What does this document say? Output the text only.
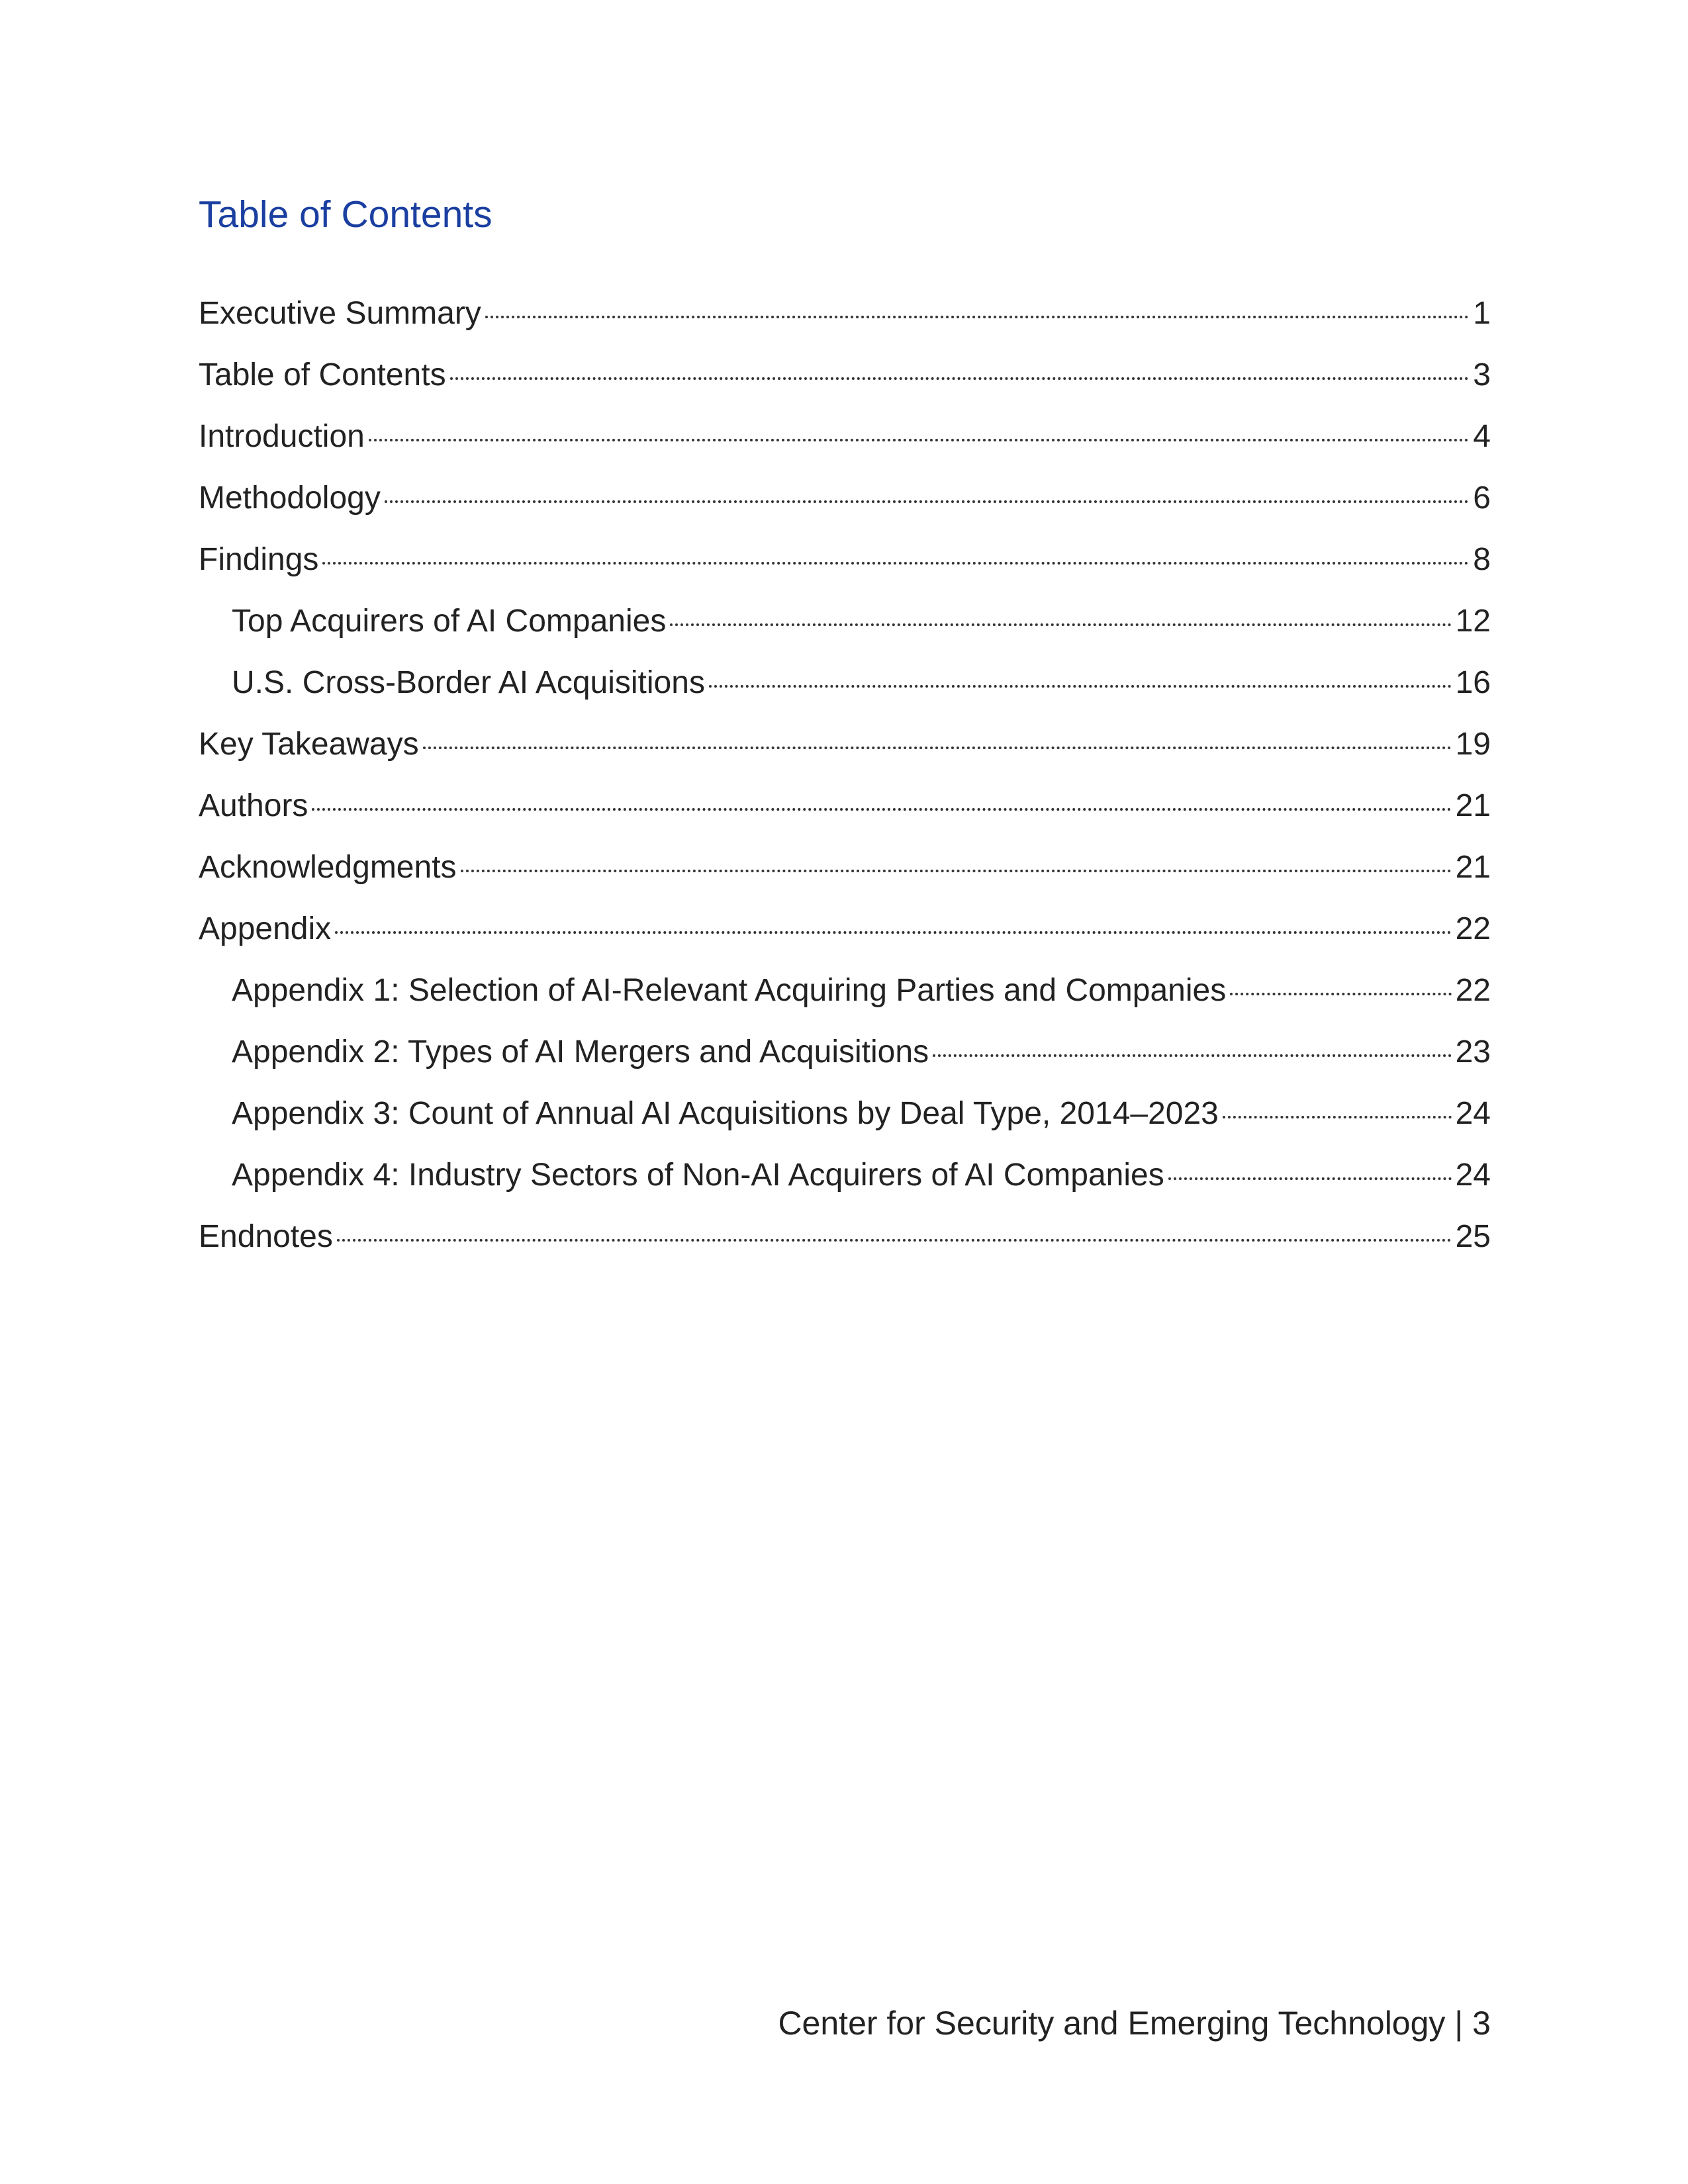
Table of Contents
Executive Summary	1
Table of Contents	3
Introduction	4
Methodology	6
Findings	8
Top Acquirers of AI Companies	12
U.S. Cross-Border AI Acquisitions	16
Key Takeaways	19
Authors	21
Acknowledgments	21
Appendix	22
Appendix 1: Selection of AI-Relevant Acquiring Parties and Companies	22
Appendix 2: Types of AI Mergers and Acquisitions	23
Appendix 3: Count of Annual AI Acquisitions by Deal Type, 2014–2023	24
Appendix 4: Industry Sectors of Non-AI Acquirers of AI Companies	24
Endnotes	25
Center for Security and Emerging Technology | 3
